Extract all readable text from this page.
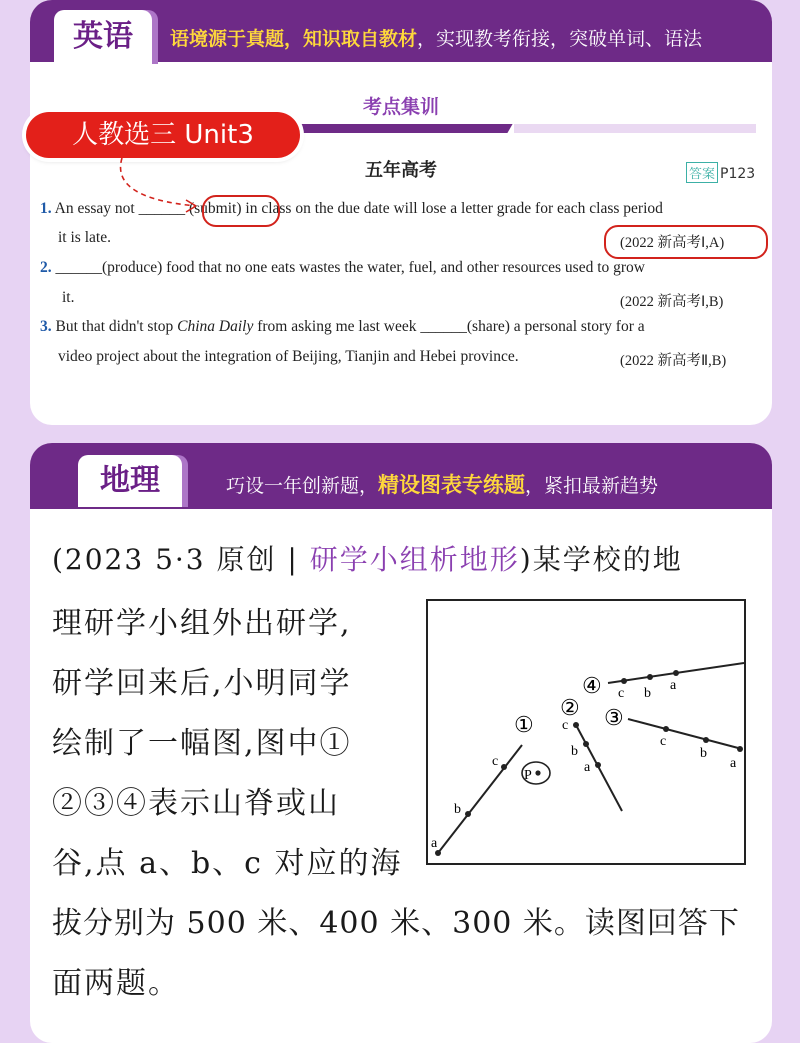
英语	语境源于真题，知识取自教材，实现教考衔接，突破单词、语法
考点集训
五年高考	答案 P123
1. An essay not ______ (submit) in class on the due date will lose a letter grade for each class period
it is late.	(2022 新高考Ⅰ,A)
2. ______(produce) food that no one eats wastes the water, fuel, and other resources used to grow
it.	(2022 新高考Ⅰ,B)
3. But that didn't stop China Daily from asking me last week ______(share) a personal story for a
video project about the integration of Beijing, Tianjin and Hebei province.	(2022 新高考Ⅱ,B)
人教选三 Unit3
地理	巧设一年创新题，精设图表专练题，紧扣最新趋势
(2023 5·3 原创 | 研学小组析地形)某学校的地
理研学小组外出研学,
研学回来后,小明同学
绘制了一幅图,图中①
②③④表示山脊或山
谷,点 a、b、c 对应的海
拔分别为 500 米、400 米、300 米。读图回答下
面两题。
a
b
c
①
P
c
b
a
②
c
b
a
③
c b
a
④
